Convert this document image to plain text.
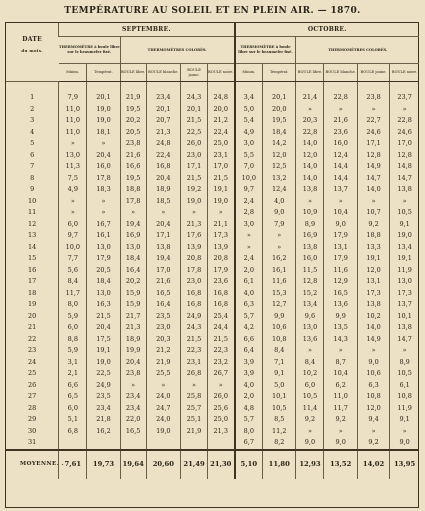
TEMPÉRATURE AU SOLEIL ET EN PLEIN AIR. — 1870.
DATE
du mois.	SEPTEMBRE.						OCTOBRE.					
	THERMOMÈTRE à boule libre sur le beaumefer fixé.		THERMOMÈTRES COLORÉS.				THERMOMÈTRE à boule libre sur le beaumefer fixé.		THERMOMÈTRES COLORÉS.			
	Minim.	Températ.	BOULE libre.	BOULE blanche.	BOULE jaune.	BOULE noire.	Minim.	Températ.	BOULE libre.	BOULE blanche.	BOULE jaune.	BOULE noire.

1	7,9	20,1	21,9	23,4	24,3	24,8	3,4	20,1	21,4	22,8	23,8	23,7
2	11,0	19,0	19,5	20,1	20,1	20,0	5,0	20,0	»	»	»	»
3	11,0	19,0	20,2	20,7	21,5	21,2	5,4	19,5	20,3	21,6	22,7	22,8
4	11,0	18,1	20,5	21,3	22,5	22,4	4,9	18,4	22,8	23,6	24,6	24,6
5	»	»	23,8	24,8	26,0	25,0	3,0	14,2	14,0	16,0	17,1	17,0
6	13,0	20,4	21,6	22,4	23,0	23,1	5,5	12,0	12,0	12,4	12,8	12,8
7	11,3	16,0	16,6	16,8	17,1	17,0	7,0	12,5	14,0	14,4	14,9	14,8
8	7,5	17,8	19,5	20,4	21,5	21,5	10,0	13,2	14,0	14,4	14,7	14,7
9	4,9	18,3	18,8	18,9	19,2	19,1	9,7	12,4	13,8	13,7	14,0	13,8
10	»	»	17,8	18,5	19,0	19,0	2,4	4,0	»	»	»	»
11	»	»	»	»	»	»	2,8	9,0	10,9	10,4	10,7	10,5
12	6,0	16,7	19,4	20,4	21,3	21,1	3,0	7,9	8,9	9,0	9,2	9,1
13	9,7	16,1	16,9	17,1	17,6	17,3	»	»	16,9	17,9	18,8	19,0
14	10,0	13,0	13,0	13,8	13,9	13,9	»	»	13,8	13,1	13,3	13,4
15	7,7	17,9	18,4	19,4	20,8	20,8	2,4	16,2	16,0	17,9	19,1	19,1
16	5,6	20,5	16,4	17,0	17,8	17,9	2,0	16,1	11,5	11,6	12,0	11,9
17	8,4	18,4	20,2	21,6	23,0	23,6	6,1	11,6	12,8	12,9	13,1	13,0
18	11,7	13,0	15,9	16,5	16,8	16,8	4,0	15,3	15,2	16,5	17,3	17,3
19	8,0	16,3	15,9	16,4	16,8	16,8	6,3	12,7	13,4	13,6	13,8	13,7
20	5,9	21,5	21,7	23,5	24,9	25,4	5,7	9,9	9,6	9,9	10,2	10,1
21	6,0	20,4	21,3	23,0	24,3	24,4	4,2	10,6	13,0	13,5	14,0	13,8
22	8,8	17,5	18,9	20,3	21,5	21,5	6,6	10,8	13,6	14,3	14,9	14,7
23	5,9	19,1	19,9	21,2	22,3	22,3	6,4	8,4	»	»	»	»
24	3,1	19,0	20,4	21,9	23,1	23,2	3,9	7,1	8,4	8,7	9,0	8,9
25	2,1	22,5	23,8	25,5	26,8	26,7	3,9	9,1	10,2	10,4	10,6	10,5
26	6,6	24,9	»	»	»	»	4,0	5,0	6,0	6,2	6,3	6,1
27	6,5	23,5	23,4	24,0	25,8	26,0	2,0	10,1	10,5	11,0	10,8	10,8
28	6,0	23,4	23,4	24,7	25,7	25,6	4,8	10,5	11,4	11,7	12,0	11,9
29	5,1	21,8	22,0	24,0	25,1	25,0	5,7	8,5	9,2	9,2	9,4	9,1
30	6,8	16,2	16,5	19,0	21,9	21,3	8,0	11,2	»	»	»	»
31							6,7	8,2	9,0	9,0	9,2	9,0
MOYENNE. .	7,61	19,73	19,64	20,60	21,49	21,30	5,10	11,80	12,93	13,52	14,02	13,95
